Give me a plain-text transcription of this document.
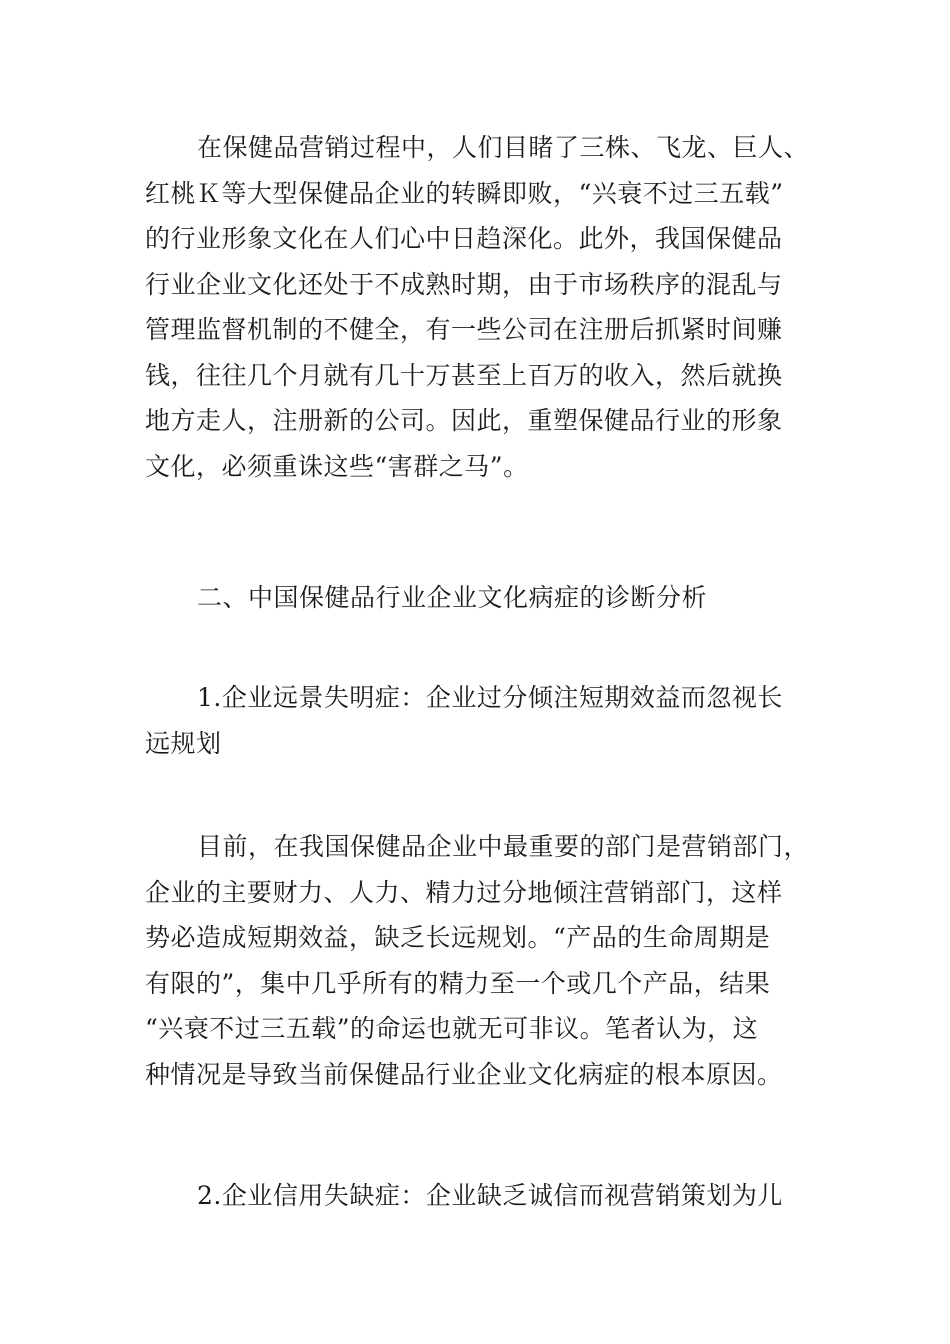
在保健品营销过程中，人们目睹了三株、飞龙、巨人、
红桃Ｋ等大型保健品企业的转瞬即败，“兴衰不过三五载”
的行业形象文化在人们心中日趋深化。此外，我国保健品
行业企业文化还处于不成熟时期，由于市场秩序的混乱与
管理监督机制的不健全，有一些公司在注册后抓紧时间赚
钱，往往几个月就有几十万甚至上百万的收入，然后就换
地方走人，注册新的公司。因此，重塑保健品行业的形象
文化，必须重诛这些“害群之马”。

二、中国保健品行业企业文化病症的诊断分析

1.企业远景失明症：企业过分倾注短期效益而忽视长
远规划

目前，在我国保健品企业中最重要的部门是营销部门，
企业的主要财力、人力、精力过分地倾注营销部门，这样
势必造成短期效益，缺乏长远规划。“产品的生命周期是
有限的”，集中几乎所有的精力至一个或几个产品，结果
“兴衰不过三五载”的命运也就无可非议。笔者认为，这
种情况是导致当前保健品行业企业文化病症的根本原因。

2.企业信用失缺症：企业缺乏诚信而视营销策划为儿
